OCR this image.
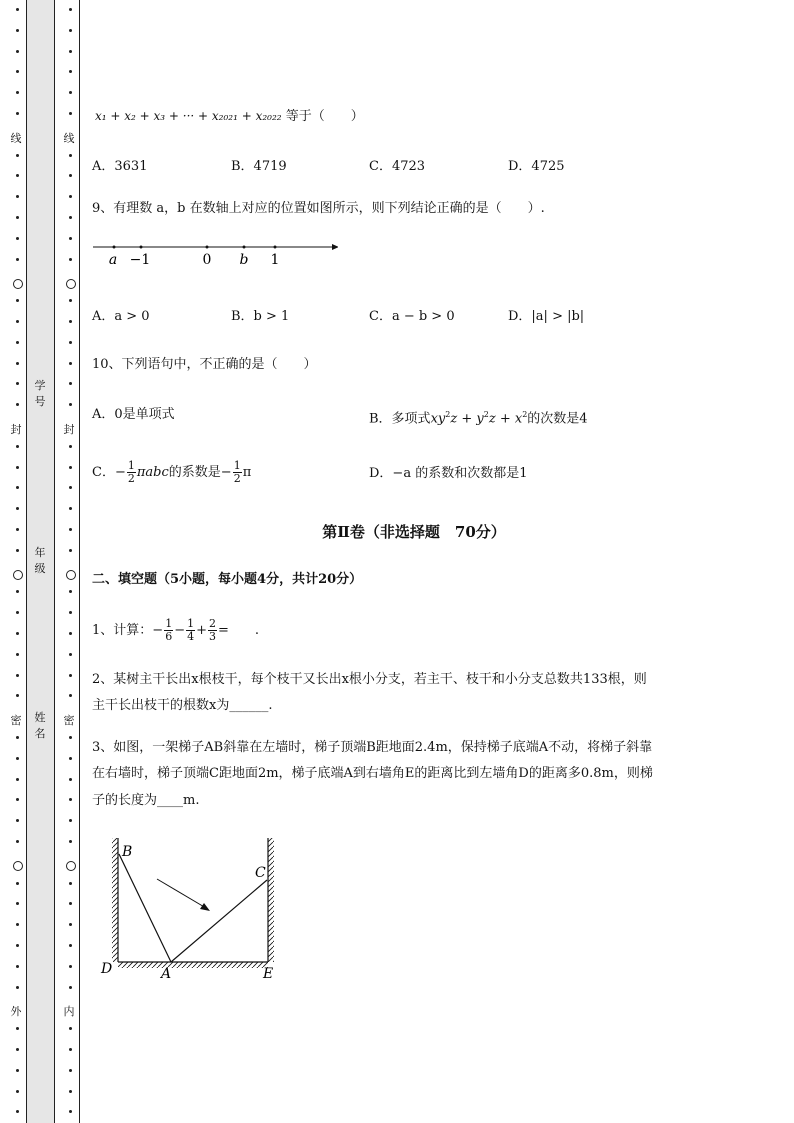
线
封
密
外
线
封
密
内
学号
年级
姓名
x₁ + x₂ + x₃ + ··· + x₂₀₂₁ + x₂₀₂₂ 等于（　　）
A．3631	B．4719	C．4723	D．4725
9、有理数 a，b 在数轴上对应的位置如图所示，则下列结论正确的是（　　）.
a −1	0 b 1
A．a > 0	B．b > 1	C．a − b > 0	D．|a| > |b|
10、下列语句中，不正确的是（　　）
A．0是单项式	B．多项式$xy^2z + y^2z + x^2$的次数是4
C．− $\frac{1}{2}$ πabc的系数是− $\frac{1}{2}$ π	D．−a 的系数和次数都是1
第Ⅱ卷（非选择题　70分）
二、填空题（5小题，每小题4分，共计20分）
1、计算：− $\frac{1}{6} - \frac{1}{4} + \frac{2}{3}$ =　　.
2、某树主干长出x根枝干，每个枝干又长出x根小分支，若主干、枝干和小分支总数共133根，则
主干长出枝干的根数x为______.
3、如图，一架梯子AB斜靠在左墙时，梯子顶端B距地面2.4m，保持梯子底端A不动，将梯子斜靠
在右墙时，梯子顶端C距地面2m，梯子底端A到右墙角E的距离比到左墙角D的距离多0.8m，则梯
子的长度为____m.
B
C
D	A	E
